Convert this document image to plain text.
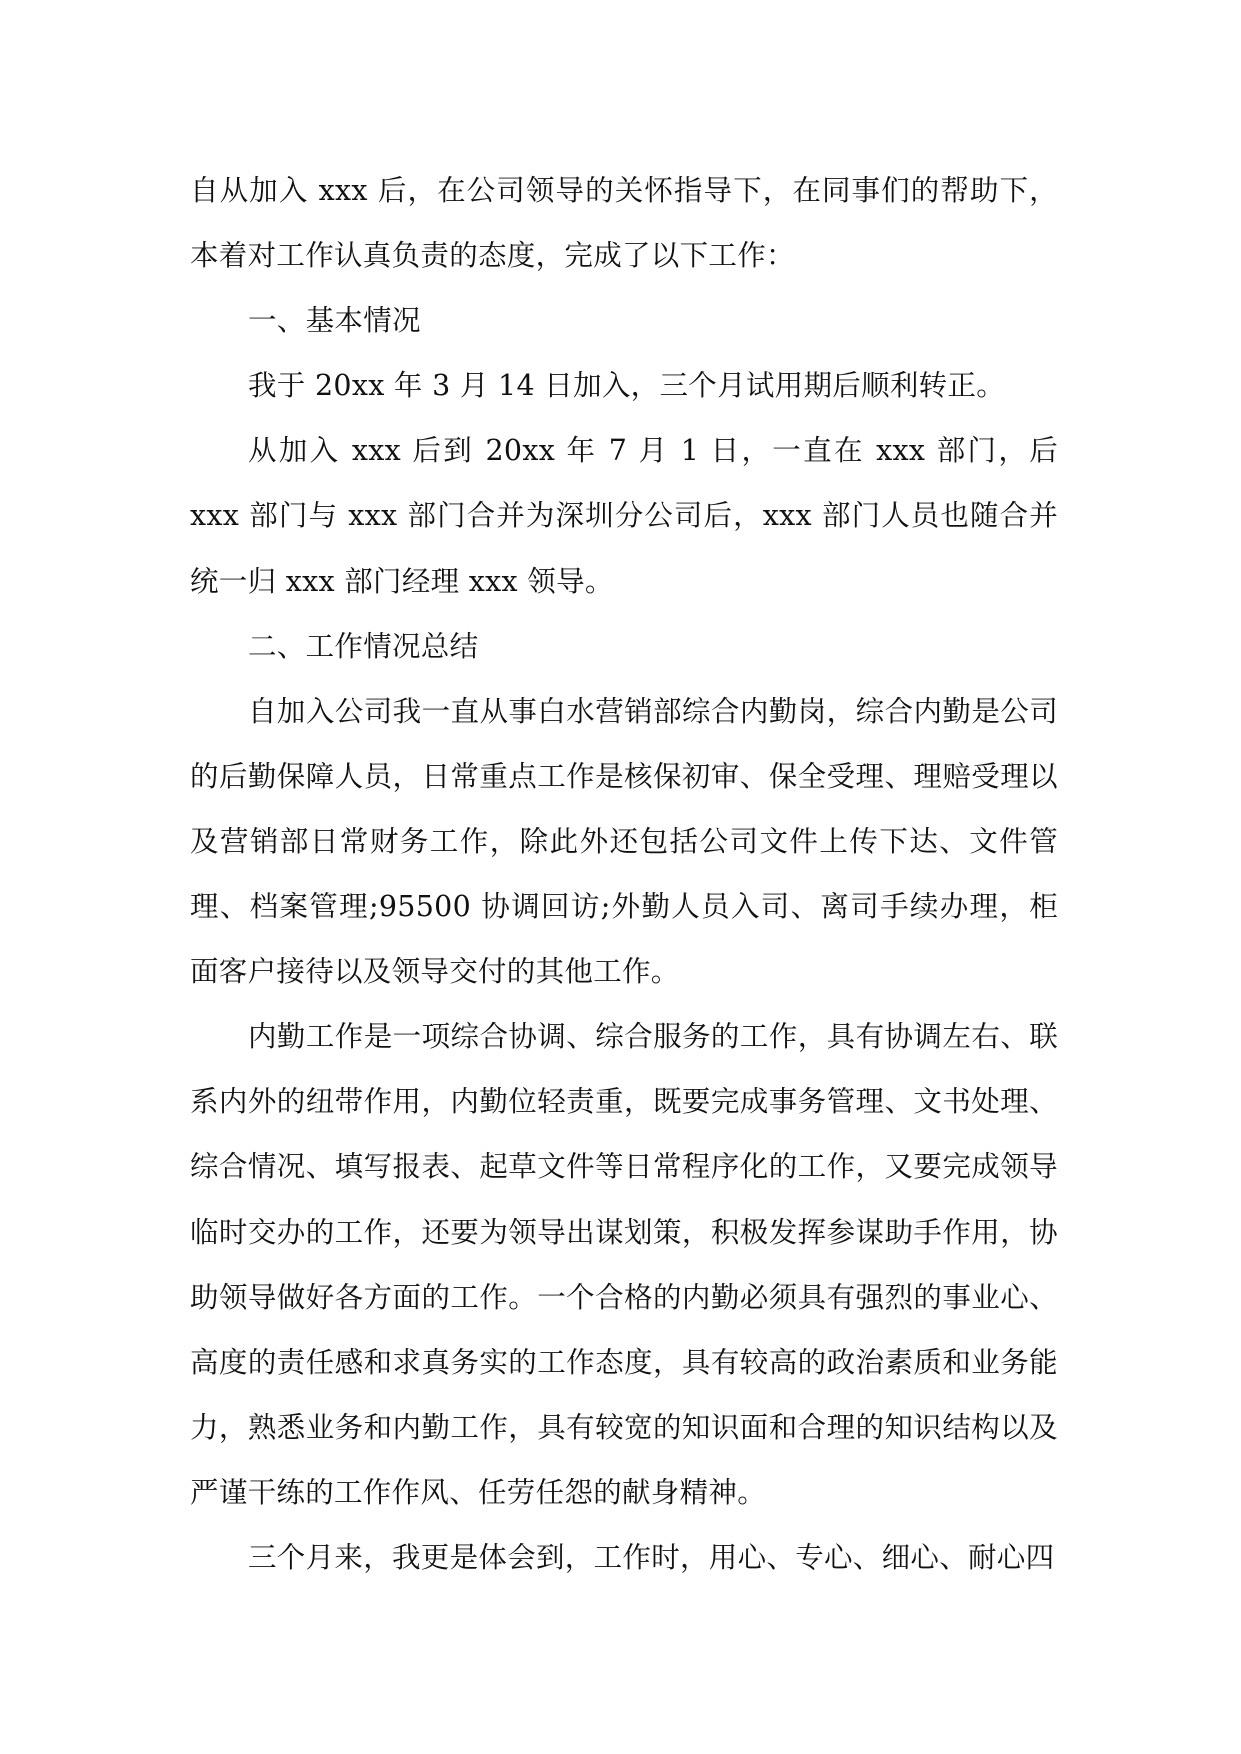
自从加入 xxx 后，在公司领导的关怀指导下，在同事们的帮助下，本着对工作认真负责的态度，完成了以下工作：

一、基本情况

我于 20xx 年 3 月 14 日加入，三个月试用期后顺利转正。

从加入 xxx 后到 20xx 年 7 月 1 日，一直在 xxx 部门，后 xxx 部门与 xxx 部门合并为深圳分公司后，xxx 部门人员也随合并统一归 xxx 部门经理 xxx 领导。

二、工作情况总结

自加入公司我一直从事白水营销部综合内勤岗，综合内勤是公司的后勤保障人员，日常重点工作是核保初审、保全受理、理赔受理以及营销部日常财务工作，除此外还包括公司文件上传下达、文件管理、档案管理;95500 协调回访;外勤人员入司、离司手续办理，柜面客户接待以及领导交付的其他工作。

内勤工作是一项综合协调、综合服务的工作，具有协调左右、联系内外的纽带作用，内勤位轻责重，既要完成事务管理、文书处理、综合情况、填写报表、起草文件等日常程序化的工作，又要完成领导临时交办的工作，还要为领导出谋划策，积极发挥参谋助手作用，协助领导做好各方面的工作。一个合格的内勤必须具有强烈的事业心、高度的责任感和求真务实的工作态度，具有较高的政治素质和业务能力，熟悉业务和内勤工作，具有较宽的知识面和合理的知识结构以及严谨干练的工作作风、任劳任怨的献身精神。

三个月来，我更是体会到，工作时，用心、专心、细心、耐心四
